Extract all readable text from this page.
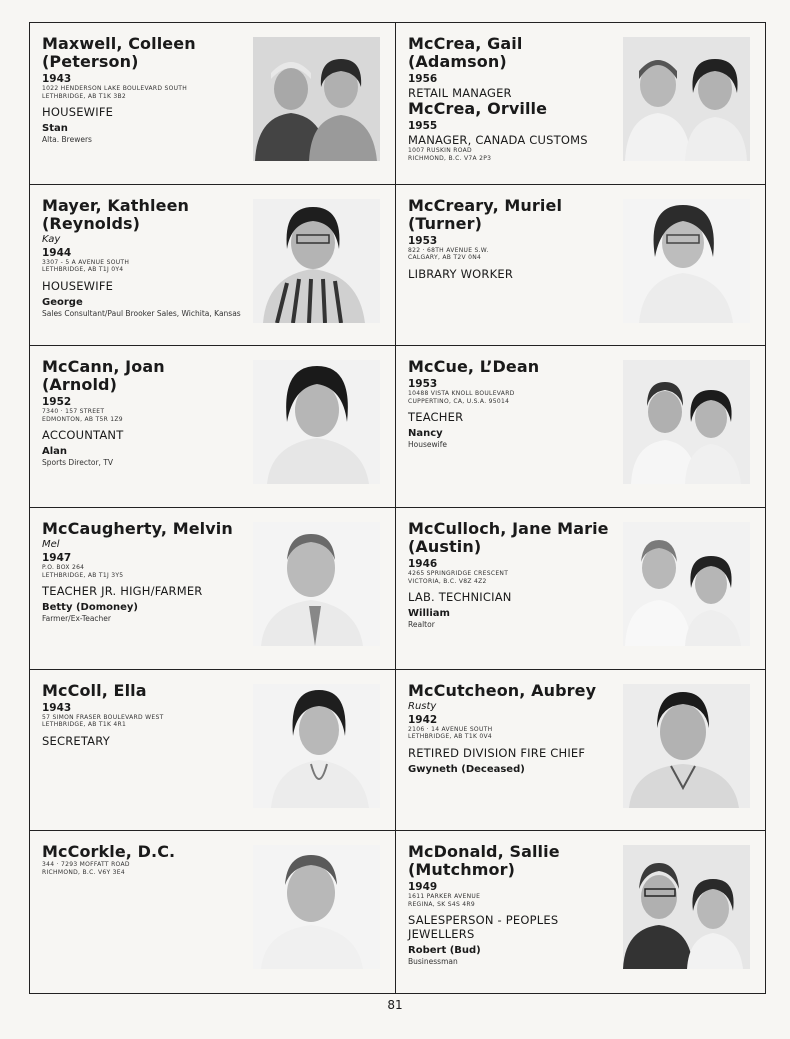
Maxwell, Colleen
(Peterson)
1943
1022 HENDERSON LAKE BOULEVARD SOUTH
LETHBRIDGE, AB T1K 3B2
HOUSEWIFE
Stan
Alta. Brewers
McCrea, Gail
(Adamson)
1956
RETAIL MANAGER
McCrea, Orville
1955
MANAGER, CANADA CUSTOMS
1007 RUSKIN ROAD
RICHMOND, B.C. V7A 2P3
Mayer, Kathleen
(Reynolds)
Kay
1944
3307 - 5 A AVENUE SOUTH
LETHBRIDGE, AB T1J 0Y4
HOUSEWIFE
George
Sales Consultant/Paul Brooker Sales, Wichita, Kansas
McCreary, Muriel
(Turner)
1953
822 · 68TH AVENUE S.W.
CALGARY, AB T2V 0N4
LIBRARY WORKER
McCann, Joan
(Arnold)
1952
7340 · 157 STREET
EDMONTON, AB T5R 1Z9
ACCOUNTANT
Alan
Sports Director, TV
McCue, L’Dean
1953
10488 VISTA KNOLL BOULEVARD
CUPPERTINO, CA, U.S.A. 95014
TEACHER
Nancy
Housewife
McCaugherty, Melvin
Mel
1947
P.O. BOX 264
LETHBRIDGE, AB T1J 3Y5
TEACHER JR. HIGH/FARMER
Betty (Domoney)
Farmer/Ex-Teacher
McCulloch, Jane Marie
(Austin)
1946
4265 SPRINGRIDGE CRESCENT
VICTORIA, B.C. V8Z 4Z2
LAB. TECHNICIAN
William
Realtor
McColl, Ella
1943
57 SIMON FRASER BOULEVARD WEST
LETHBRIDGE, AB T1K 4R1
SECRETARY
McCutcheon, Aubrey
Rusty
1942
2106 · 14 AVENUE SOUTH
LETHBRIDGE, AB T1K 0V4
RETIRED DIVISION FIRE CHIEF
Gwyneth (Deceased)
McCorkle, D.C.
344 · 7293 MOFFATT ROAD
RICHMOND, B.C. V6Y 3E4
McDonald, Sallie
(Mutchmor)
1949
1611 PARKER AVENUE
REGINA, SK S4S 4R9
SALESPERSON - PEOPLES JEWELLERS
Robert (Bud)
Businessman
81
